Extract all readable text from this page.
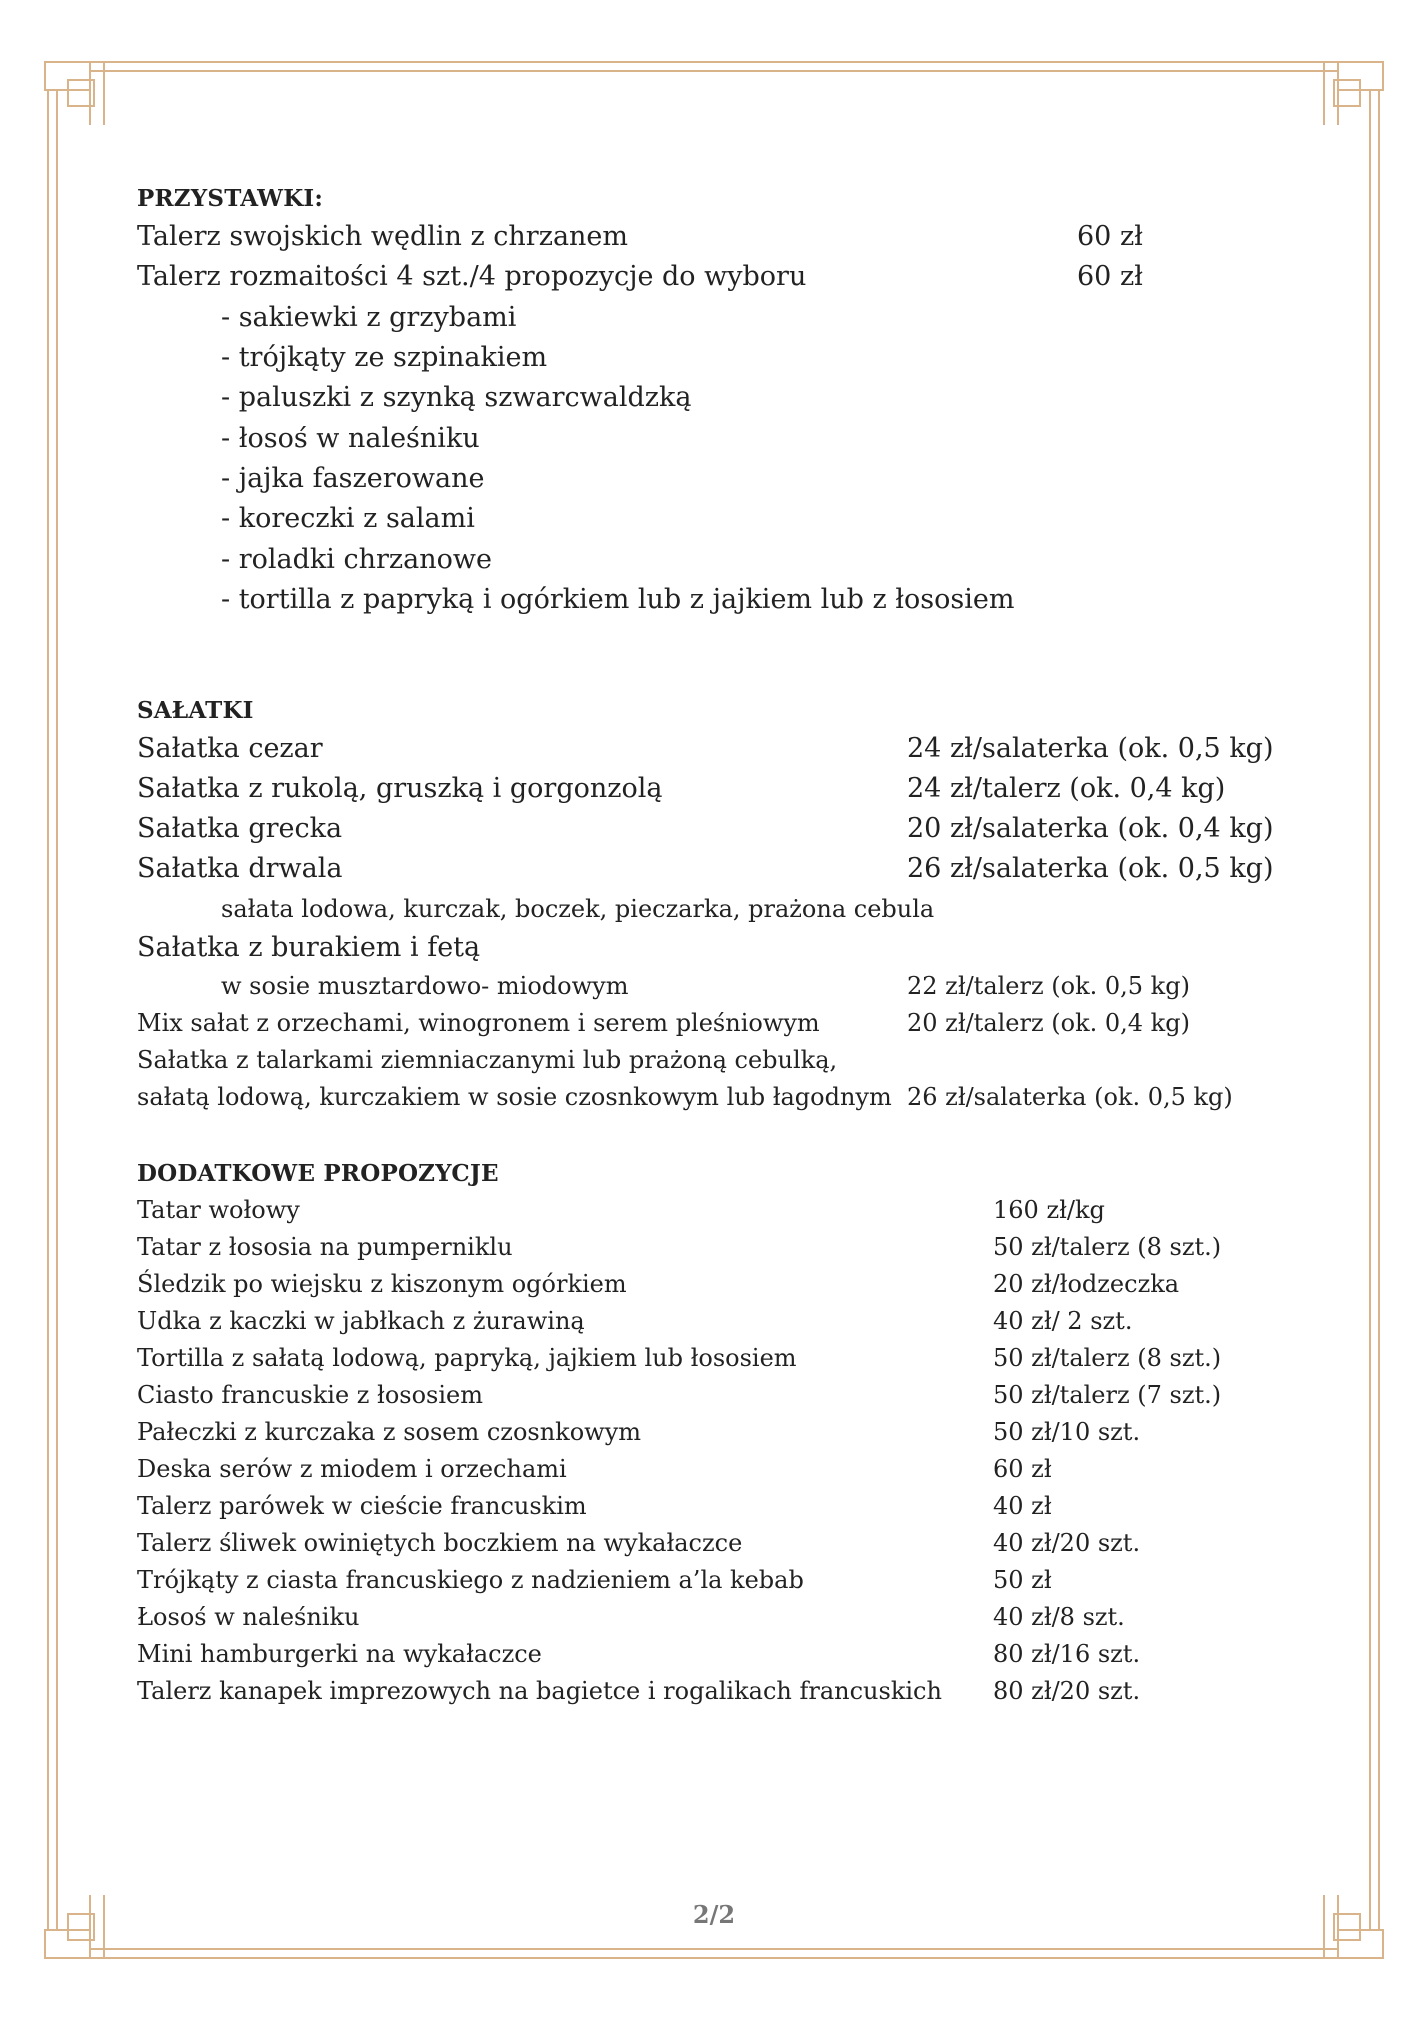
PRZYSTAWKI:
Talerz swojskich wędlin z chrzanem	60 zł
Talerz rozmaitości 4 szt./4 propozycje do wyboru	60 zł
- sakiewki z grzybami
- trójkąty ze szpinakiem
- paluszki z szynką szwarcwaldzką
- łosoś w naleśniku
- jajka faszerowane
- koreczki z salami
- roladki chrzanowe
- tortilla z papryką i ogórkiem lub z jajkiem lub z łososiem
SAŁATKI
Sałatka cezar	24 zł/salaterka (ok. 0,5 kg)
Sałatka z rukolą, gruszką i gorgonzolą	24 zł/talerz (ok. 0,4 kg)
Sałatka grecka	20 zł/salaterka (ok. 0,4 kg)
Sałatka drwala	26 zł/salaterka (ok. 0,5 kg)
sałata lodowa, kurczak, boczek, pieczarka, prażona cebula
Sałatka z burakiem i fetą
w sosie musztardowo- miodowym	22 zł/talerz (ok. 0,5 kg)
Mix sałat z orzechami, winogronem i serem pleśniowym	20 zł/talerz (ok. 0,4 kg)
Sałatka z talarkami ziemniaczanymi lub prażoną cebulką,
sałatą lodową, kurczakiem w sosie czosnkowym lub łagodnym 26 zł/salaterka (ok. 0,5 kg)
DODATKOWE PROPOZYCJE
Tatar wołowy	160 zł/kg
Tatar z łososia na pumperniklu	50 zł/talerz (8 szt.)
Śledzik po wiejsku z kiszonym ogórkiem	20 zł/łodzeczka
Udka z kaczki w jabłkach z żurawiną	40 zł/ 2 szt.
Tortilla z sałatą lodową, papryką, jajkiem lub łososiem	50 zł/talerz (8 szt.)
Ciasto francuskie z łososiem	50 zł/talerz (7 szt.)
Pałeczki z kurczaka z sosem czosnkowym	50 zł/10 szt.
Deska serów z miodem i orzechami	60 zł
Talerz parówek w cieście francuskim	40 zł
Talerz śliwek owiniętych boczkiem na wykałaczce	40 zł/20 szt.
Trójkąty z ciasta francuskiego z nadzieniem a’la kebab	50 zł
Łosoś w naleśniku	40 zł/8 szt.
Mini hamburgerki na wykałaczce	80 zł/16 szt.
Talerz kanapek imprezowych na bagietce i rogalikach francuskich 80 zł/20 szt.
2/2
